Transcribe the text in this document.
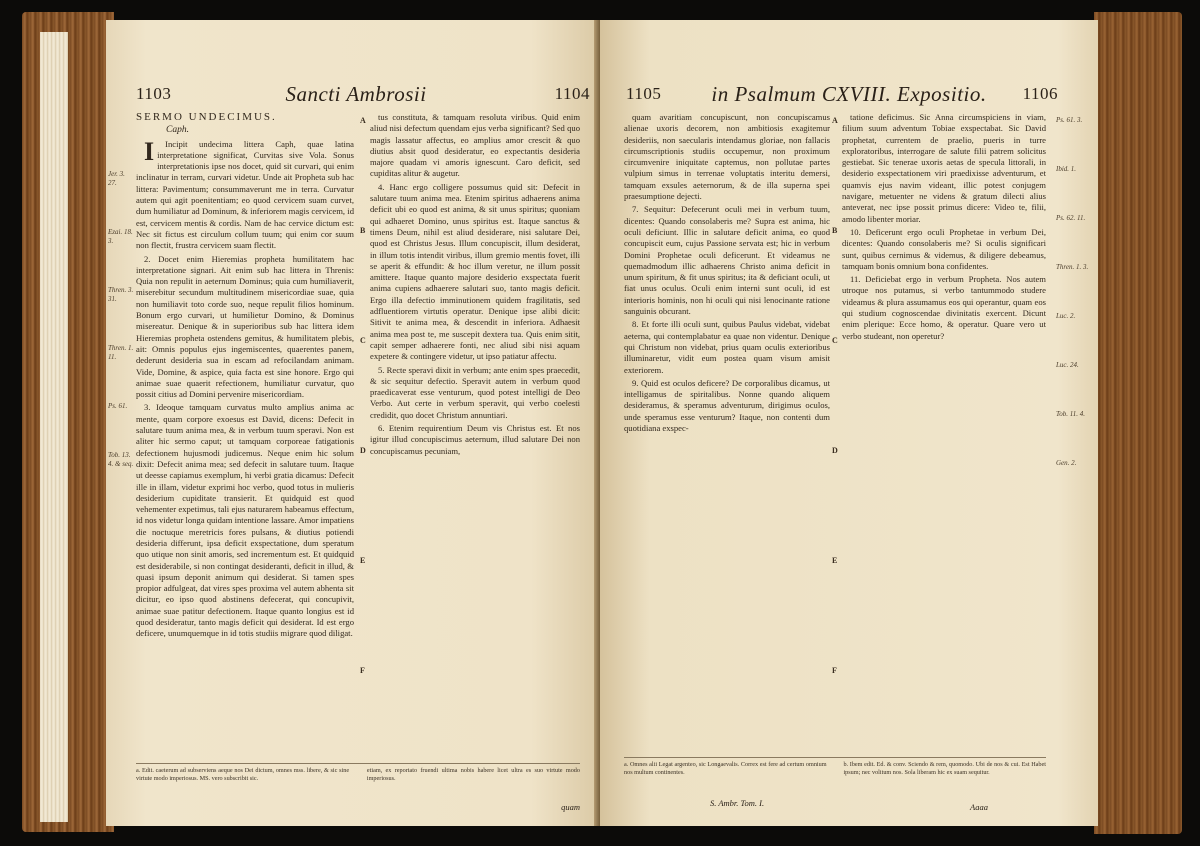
1103	Sancti Ambrosii	1104
Jer. 3. 27.
Ezai. 18. 3.
Thren. 3. 31.
Thren. 1. 11.
Ps. 61.
Tob. 13. 4. & seq.

SERMO UNDECIMUS.

Caph.

I Incipit undecima littera Caph, quae latina interpretatione significat, Curvitas sive Vola. Sonus interpretationis ipse nos docet, quid sit curvari, qui enim inclinatur in terram, curvari videtur. Unde ait Propheta sub hac littera: Pavimentum; consummaverunt me in terra. Curvatur autem qui agit poenitentiam; eo quod cervicem suam curvet, dum humiliatur ad Dominum, & inferiorem magis cervicem, id est, cervicem mentis & cordis. Nam de hac cervice dictum est: Nec sit fictus est circulum collum tuum; qui enim cor suum non flectit, frustra cervicem suam flectit.

2. Docet enim Hieremias propheta humilitatem hac interpretatione signari. Ait enim sub hac littera in Threnis: Quia non repulit in aeternum Dominus; quia cum humiliaverit, miserebitur secundum multitudinem misericordiae suae, quia non humiliavit toto corde suo, neque repulit filios hominum. Bonum ergo curvari, ut humilietur Domino, & Dominus misereatur. Denique & in superioribus sub hac littera idem Hieremias propheta ostendens gemitus, & humilitatem plebis, ait: Omnis populus ejus ingemiscentes, quaerentes panem, dederunt desideria sua in escam ad refocilandam animam. Vide, Domine, & aspice, quia facta est sine honore. Ergo qui animae suae quaerit refectionem, humiliatur curvatur, quo possit citius ad Domini pervenire misericordiam.

3. Ideoque tamquam curvatus multo amplius anima ac mente, quam corpore exoesus est David, dicens: Defecit in salutare tuum anima mea, & in verbum tuum speravi. Non est aliter hic sermo caput; ut tamquam corporeae fatigationis defectionem hujusmodi judicemus. Neque enim hic solum dixit: Defecit anima mea; sed defecit in salutare tuum. Itaque ut deesse capiamus exemplum, hi verbi gratia dicamus: Defecit ille in illam, videtur exprimi hoc verbo, quod totus in mulieris desiderium cupiditate transierit. Et quidquid est quod vehementer expetimus, tali ejus naturarem habeamus effectum, id nos videtur longa quidam intentione lassare. Amor impatiens die noctuque meretricis fores pulsans, & diutius potiendi desideria differunt, ipsa deficit exspectatione, dum speratum quo utique non sinit amoris, sed incrementum est. Et quidquid est desiderabile, si non contingat desideranti, deficit in illud, & quasi ipsum deponit animum qui desiderat. Si tamen spes propior adfulgeat, dat vires spes proxima vel autem abhenta sit dicitur, eo ipso quod abstinens defecerat, qui concupivit, animae suae patitur defectionem. Itaque quanto longius est id quod desideratur, tanto magis deficit qui desiderat. Id est ergo deficere, unumquemque in id totis studiis migrare quod diligat.

A
B
C
D
E
F

tus constituta, & tamquam resoluta viribus. Quid enim aliud nisi defectum quendam ejus verba significant? Sed quo magis lassatur affectus, eo amplius amor crescit & quo diutius absit quod desideratur, eo expectantis desideria majore quadam vi amoris ignescunt. Caro deficit, sed cupiditas alitur & augetur.

4. Hanc ergo colligere possumus quid sit: Defecit in salutare tuum anima mea. Etenim spiritus adhaerens anima deficit ubi eo quod est anima, & sit unus spiritus; quoniam qui adhaeret Domino, unus spiritus est. Itaque sanctus & timens Deum, nihil est aliud desiderare, nisi salutare Dei, quod est Christus Jesus. Illum concupiscit, illum desiderat, in illum totis intendit viribus, illum gremio mentis fovet, illi se aperit & effundit: & hoc illum veretur, ne illum possit amittere. Itaque quanto majore desiderio exspectata fuerit anima cupiens adhaerere salutari suo, tanto magis deficit. Ergo illa defectio imminutionem quidem fragilitatis, sed adfluentiorem virtutis operatur. Denique ipse alibi dicit: Sitivit te anima mea, & descendit in inferiora. Adhaesit anima mea post te, me suscepit dextera tua. Quis enim sitit, capit semper adhaerere fonti, nec aliud sibi nisi aquam expetere & contingere videtur, ut ipso patiatur affectu.

5. Recte speravi dixit in verbum; ante enim spes praecedit, & sic sequitur defectio. Speravit autem in verbum quod praedicaverat esse venturum, quod potest intelligi de Deo Verbo. Aut certe in verbum speravit, qui verbo coelesti credidit, quo docet Christum annuntiari.

6. Etenim requirentium Deum vis Christus est. Et nos igitur illud concupiscimus aeternum, illud salutare Dei non concupiscamus pecuniam,

a. Edit. caeterum ad subserviens aeque nos Dei dictum, omnes mss. libere, & sic sine virtute modo imperiosus. MS. vero subscribit sic.
etiam, ex reportato fruendi ultima nobis habere licet ultra es suo virtute modo imperiosus.
quam
1105	in Psalmum CXVIII. Expositio.	1106

quam avaritiam concupiscunt, non concupiscamus alienae uxoris decorem, non ambitiosis exagitemur desideriis, non saecularis intendamus gloriae, non fallacis circumscriptionis studiis occupemur, non proximum circumvenire iniquitate captemus, non pollutae partes vulpium simus in terrenae voluptatis interitu demersi, tamquam exsules aeternorum, & de illa superna spei praesumptione dejecti.

7. Sequitur: Defecerunt oculi mei in verbum tuum, dicentes: Quando consolaberis me? Supra est anima, hic oculi deficiunt. Illic in salutare deficit anima, eo quod concupiscit eum, cujus Passione servata est; hic in verbum Domini Prophetae oculi deficerunt. Et videamus ne quemadmodum illic adhaerens Christo anima deficit in unum spiritum, & fit unus spiritus; ita & deficiant oculi, ut fiat unus oculus. Oculi enim interni sunt oculi, id est interioris hominis, non hi oculi qui nisi lenocinante ratione sanguinis obcurant.

8. Et forte illi oculi sunt, quibus Paulus videbat, videbat aeterna, qui contemplabatur ea quae non videntur. Denique qui Christum non videbat, prius quam oculis exterioribus illuminaretur, vidit eum postea quam visum amisit exteriorem.

9. Quid est oculos deficere? De corporalibus dicamus, ut intelligamus de spiritalibus. Nonne quando aliquem desideramus, & speramus adventurum, dirigimus oculos, unde speramus esse venturum? Itaque, non contenti dum quotidiana exspec-

A
B
C
D
E
F

tatione deficimus. Sic Anna circumspiciens in viam, filium suum adventum Tobiae exspectabat. Sic David prophetat, currentem de praelio, pueris in turre exploratoribus, interrogare de salute filii patrem solicitus gestiebat. Sic tenerae uxoris aetas de specula littorali, in desiderio exspectationem viri praedixisse adventurum, et quamvis ejus navim videant, illic potest conjugem navigare, metuenter ne videns & gratum dilecti alius anteverat, nec ipse possit primus dicere: Video te, filii, amodo libenter moriar.

10. Deficerunt ergo oculi Prophetae in verbum Dei, dicentes: Quando consolaberis me? Si oculis significari sunt, quibus cernimus & videmus, & diligere debeamus, tamquam bonis omnium bona confidentes.

11. Deficiebat ergo in verbum Propheta. Nos autem utroque nos putamus, si verbo tantummodo studere videamus & plura assumamus eos qui operantur, quam eos qui studium cognoscendae divinitatis exercent. Dicunt enim plerique: Ecce homo, & operatur. Quare vero ut verbo studeant, non operetur?

Ps. 61. 3.
Ibid. 1.
Ps. 62. 11.
Thren. 1. 3.
Luc. 2.
Luc. 24.
Tob. 11. 4.
Gen. 2.
a. Omnes alii Legat argenteo, sic Longaevalis. Correx est fere ad certum omnium nos multum continentes.
b. Ibem edit. Ed. & conv. Sciendo & rem, quomodo. Ubi de nos & cui. Est Habet ipsum; nec volitum nos. Sola liberam hic ex suam sequitur.
S. Ambr. Tom. I.	Aaaa
